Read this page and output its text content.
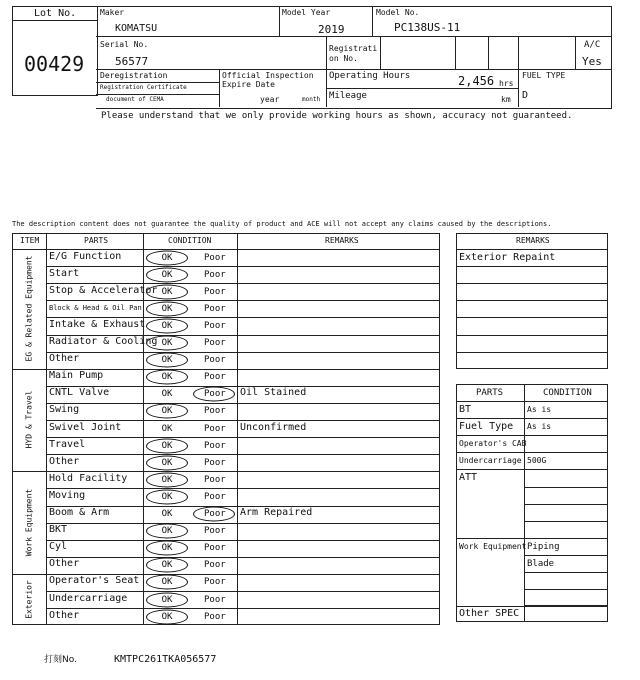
Lot No.
00429
Maker
KOMATSU
Model Year
2019
Model No.
PC138US-11
Serial No.
56577
Registrati
on No.
A/C
Yes
Deregistration
Registration Certificate
document of CEMA
Official Inspection
Expire Date
year	month
Operating Hours	2,456 hrs
Mileage	km
FUEL TYPE
D
Please understand that we only provide working hours as shown, accuracy not guaranteed.
The description content does not guarantee the quality of product and ACE will not accept any claims caused by the descriptions.
ITEM	PARTS	CONDITION	REMARKS
E/G Function	OK	Poor
Start	OK	Poor
Stop & Accelerator OK	Poor
Block & Head & Oil Pan OK	Poor
Intake & Exhaust OK	Poor
Radiator & Cooling OK	Poor
Other	OK	Poor
EG & Related Equipment
Main Pump	OK	Poor
CNTL Valve	OK	Poor Oil Stained
Swing	OK	Poor
Swivel Joint	OK	Poor Unconfirmed
Travel	OK	Poor
Other	OK	Poor
HYD & Travel
Hold Facility	OK	Poor
Moving	OK	Poor
Boom & Arm	OK	Poor Arm Repaired
BKT	OK	Poor
Cyl	OK	Poor
Other	OK	Poor
Work Equipment
Operator's Seat OK	Poor
Undercarriage	OK	Poor
Other	OK	Poor
Exterior
REMARKS
Exterior Repaint
PARTS	CONDITION
BT	As is
Fuel Type As is
Operator's CAB
Undercarriage 500G
ATT
Work Equipment Piping
Blade
Other SPEC
打刻No.	KMTPC261TKA056577
